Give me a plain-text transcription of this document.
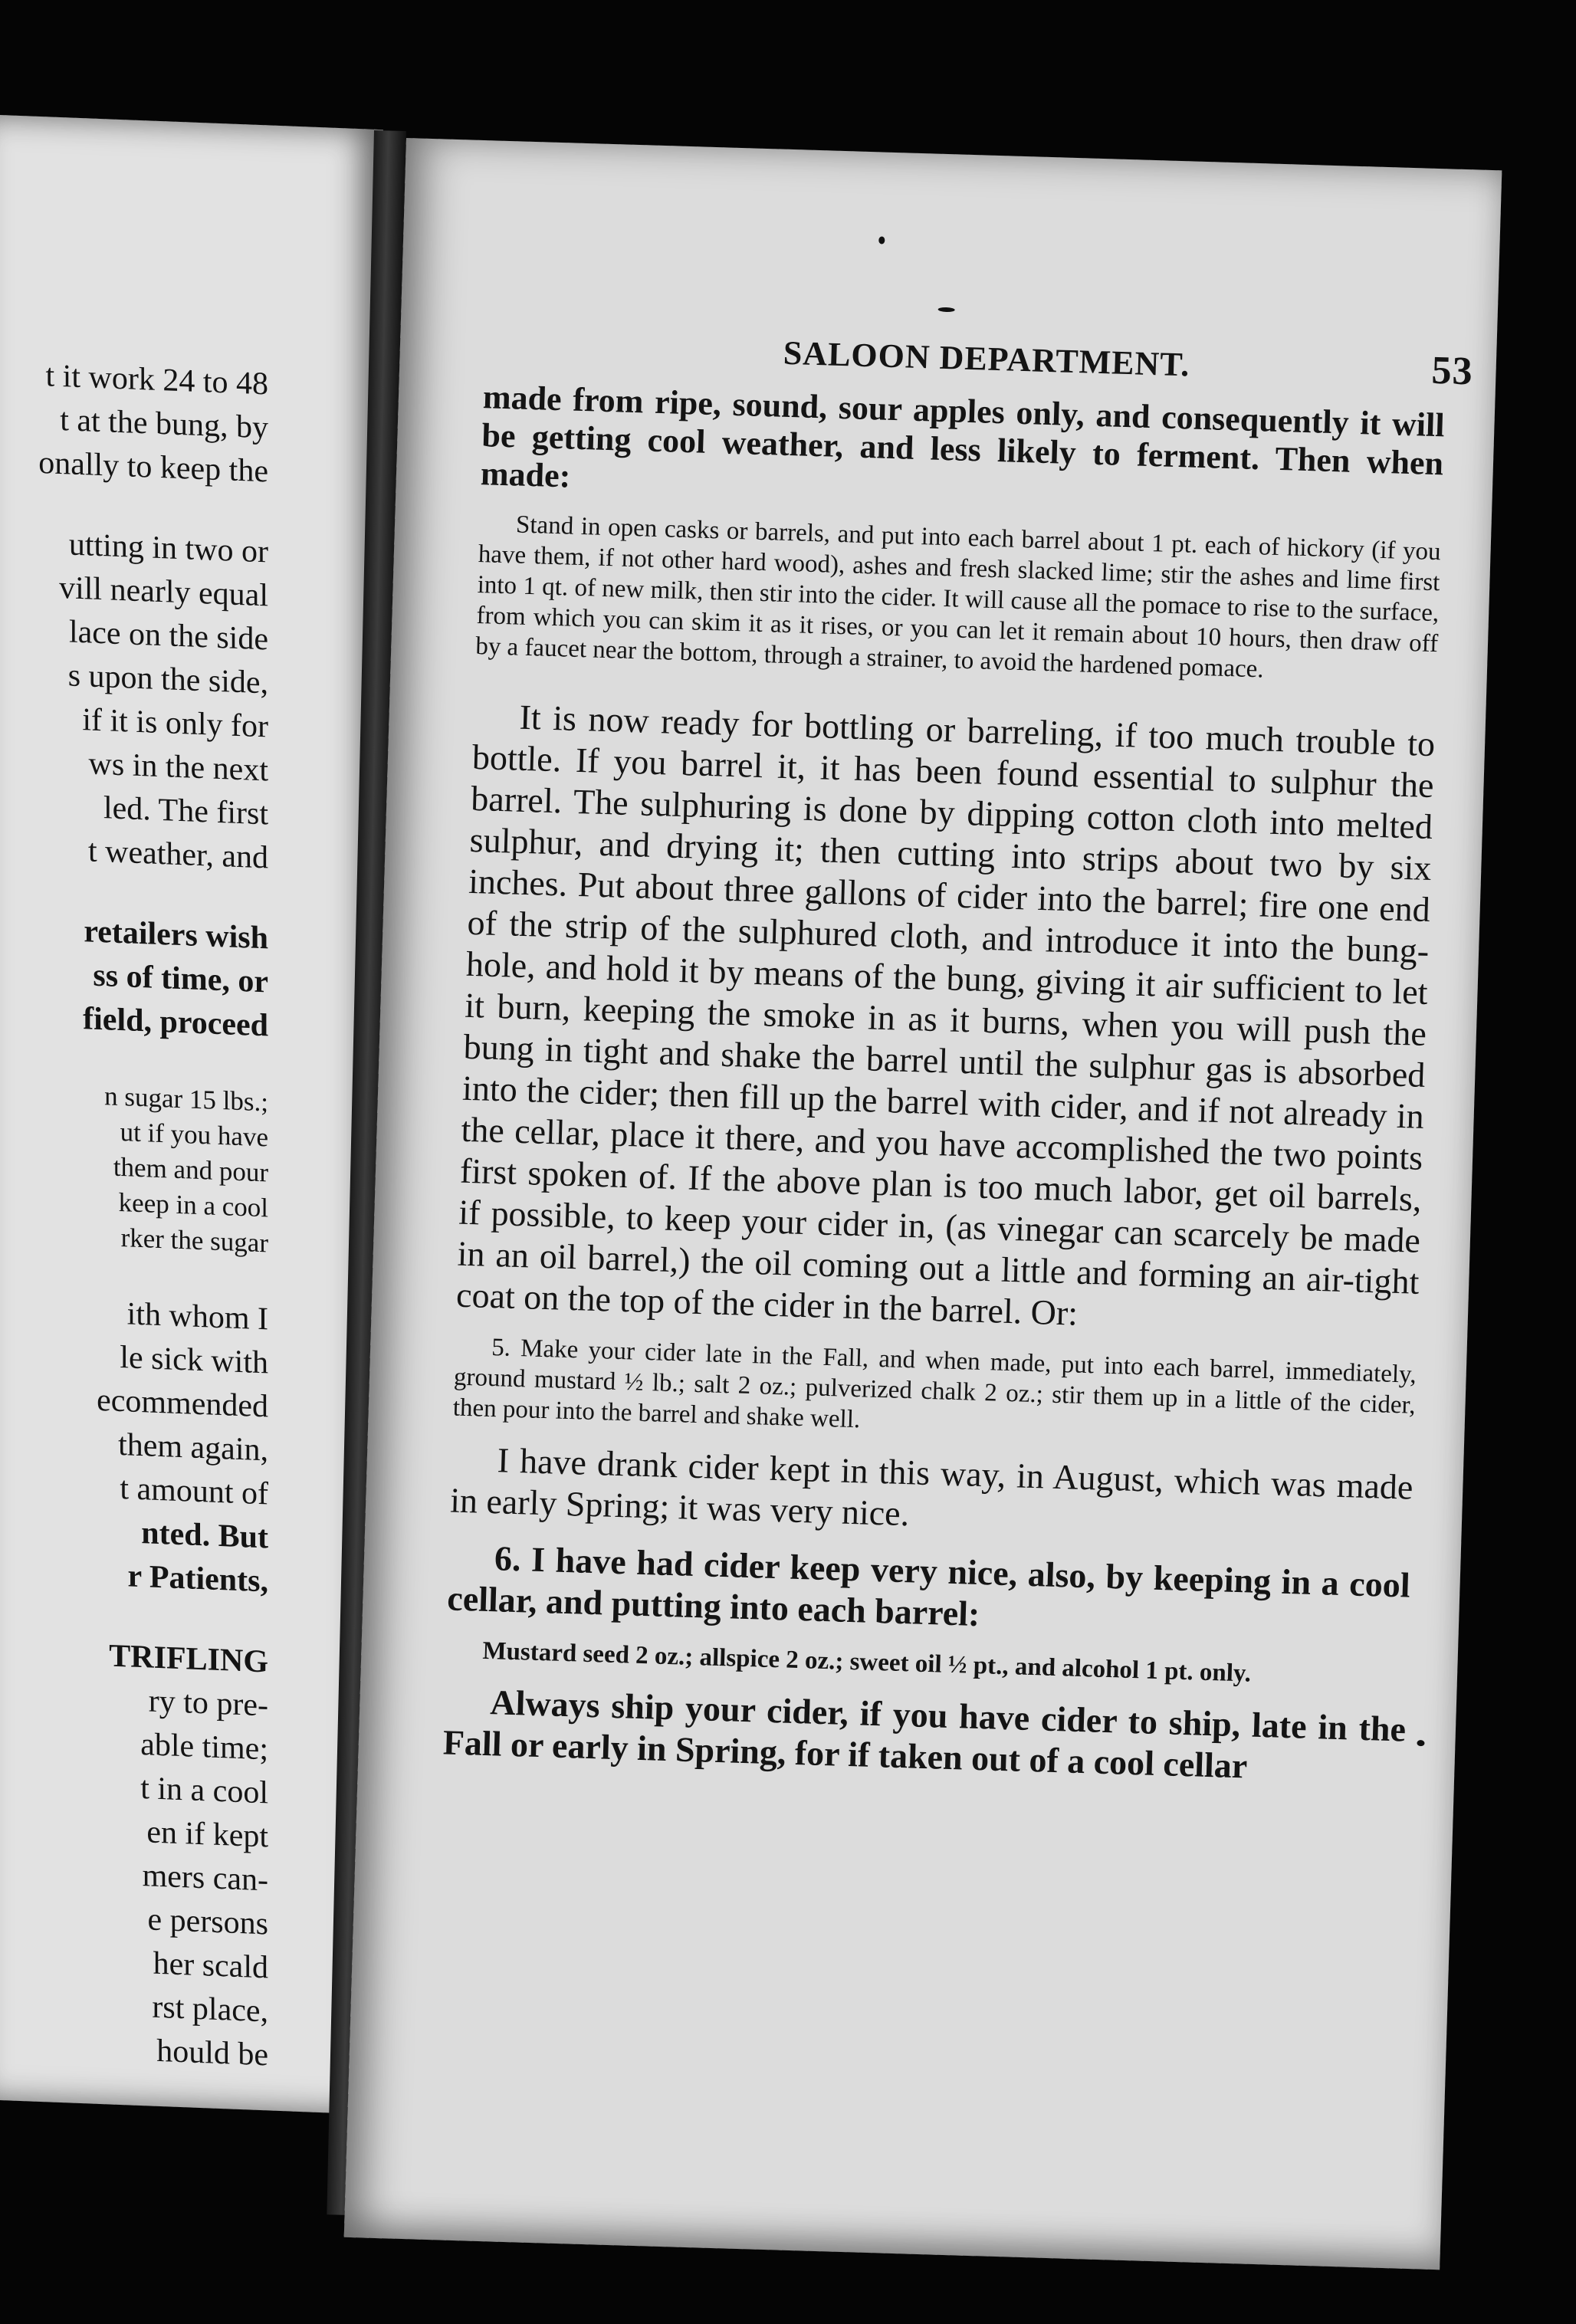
t it work 24 to 48
t at the bung, by
onally to keep the
utting in two or
vill nearly equal
lace on the side
s upon the side,
if it is only for
ws in the next
led. The first
t weather, and
retailers wish
ss of time, or
field, proceed
n sugar 15 lbs.;
ut if you have
them and pour
keep in a cool
rker the sugar
ith whom I
le sick with
ecommended
them again,
t amount of
nted. But
r Patients,
TRIFLING
ry to pre-
able time;
t in a cool
en if kept
mers can-
e persons
her scald
rst place,
hould be
SALOON DEPARTMENT.	53

made from ripe, sound, sour apples only, and consequently it will be getting cool weather, and less likely to ferment. Then when made:

Stand in open casks or barrels, and put into each barrel about 1 pt. each of hickory (if you have them, if not other hard wood), ashes and fresh slacked lime; stir the ashes and lime first into 1 qt. of new milk, then stir into the cider. It will cause all the pomace to rise to the surface, from which you can skim it as it rises, or you can let it remain about 10 hours, then draw off by a faucet near the bottom, through a strainer, to avoid the hardened pomace.

It is now ready for bottling or barreling, if too much trouble to bottle. If you barrel it, it has been found essential to sulphur the barrel. The sulphuring is done by dipping cotton cloth into melted sulphur, and drying it; then cutting into strips about two by six inches. Put about three gallons of cider into the barrel; fire one end of the strip of the sulphured cloth, and introduce it into the bung-hole, and hold it by means of the bung, giving it air sufficient to let it burn, keeping the smoke in as it burns, when you will push the bung in tight and shake the barrel until the sulphur gas is absorbed into the cider; then fill up the barrel with cider, and if not already in the cellar, place it there, and you have accomplished the two points first spoken of. If the above plan is too much labor, get oil barrels, if possible, to keep your cider in, (as vinegar can scarcely be made in an oil barrel,) the oil coming out a little and forming an air-tight coat on the top of the cider in the barrel. Or:

5. Make your cider late in the Fall, and when made, put into each barrel, immediately, ground mustard ½ lb.; salt 2 oz.; pulverized chalk 2 oz.; stir them up in a little of the cider, then pour into the barrel and shake well.

I have drank cider kept in this way, in August, which was made in early Spring; it was very nice.

6. I have had cider keep very nice, also, by keeping in a cool cellar, and putting into each barrel:

Mustard seed 2 oz.; allspice 2 oz.; sweet oil ½ pt., and alcohol 1 pt. only.

Always ship your cider, if you have cider to ship, late in the Fall or early in Spring, for if taken out of a cool cellar
